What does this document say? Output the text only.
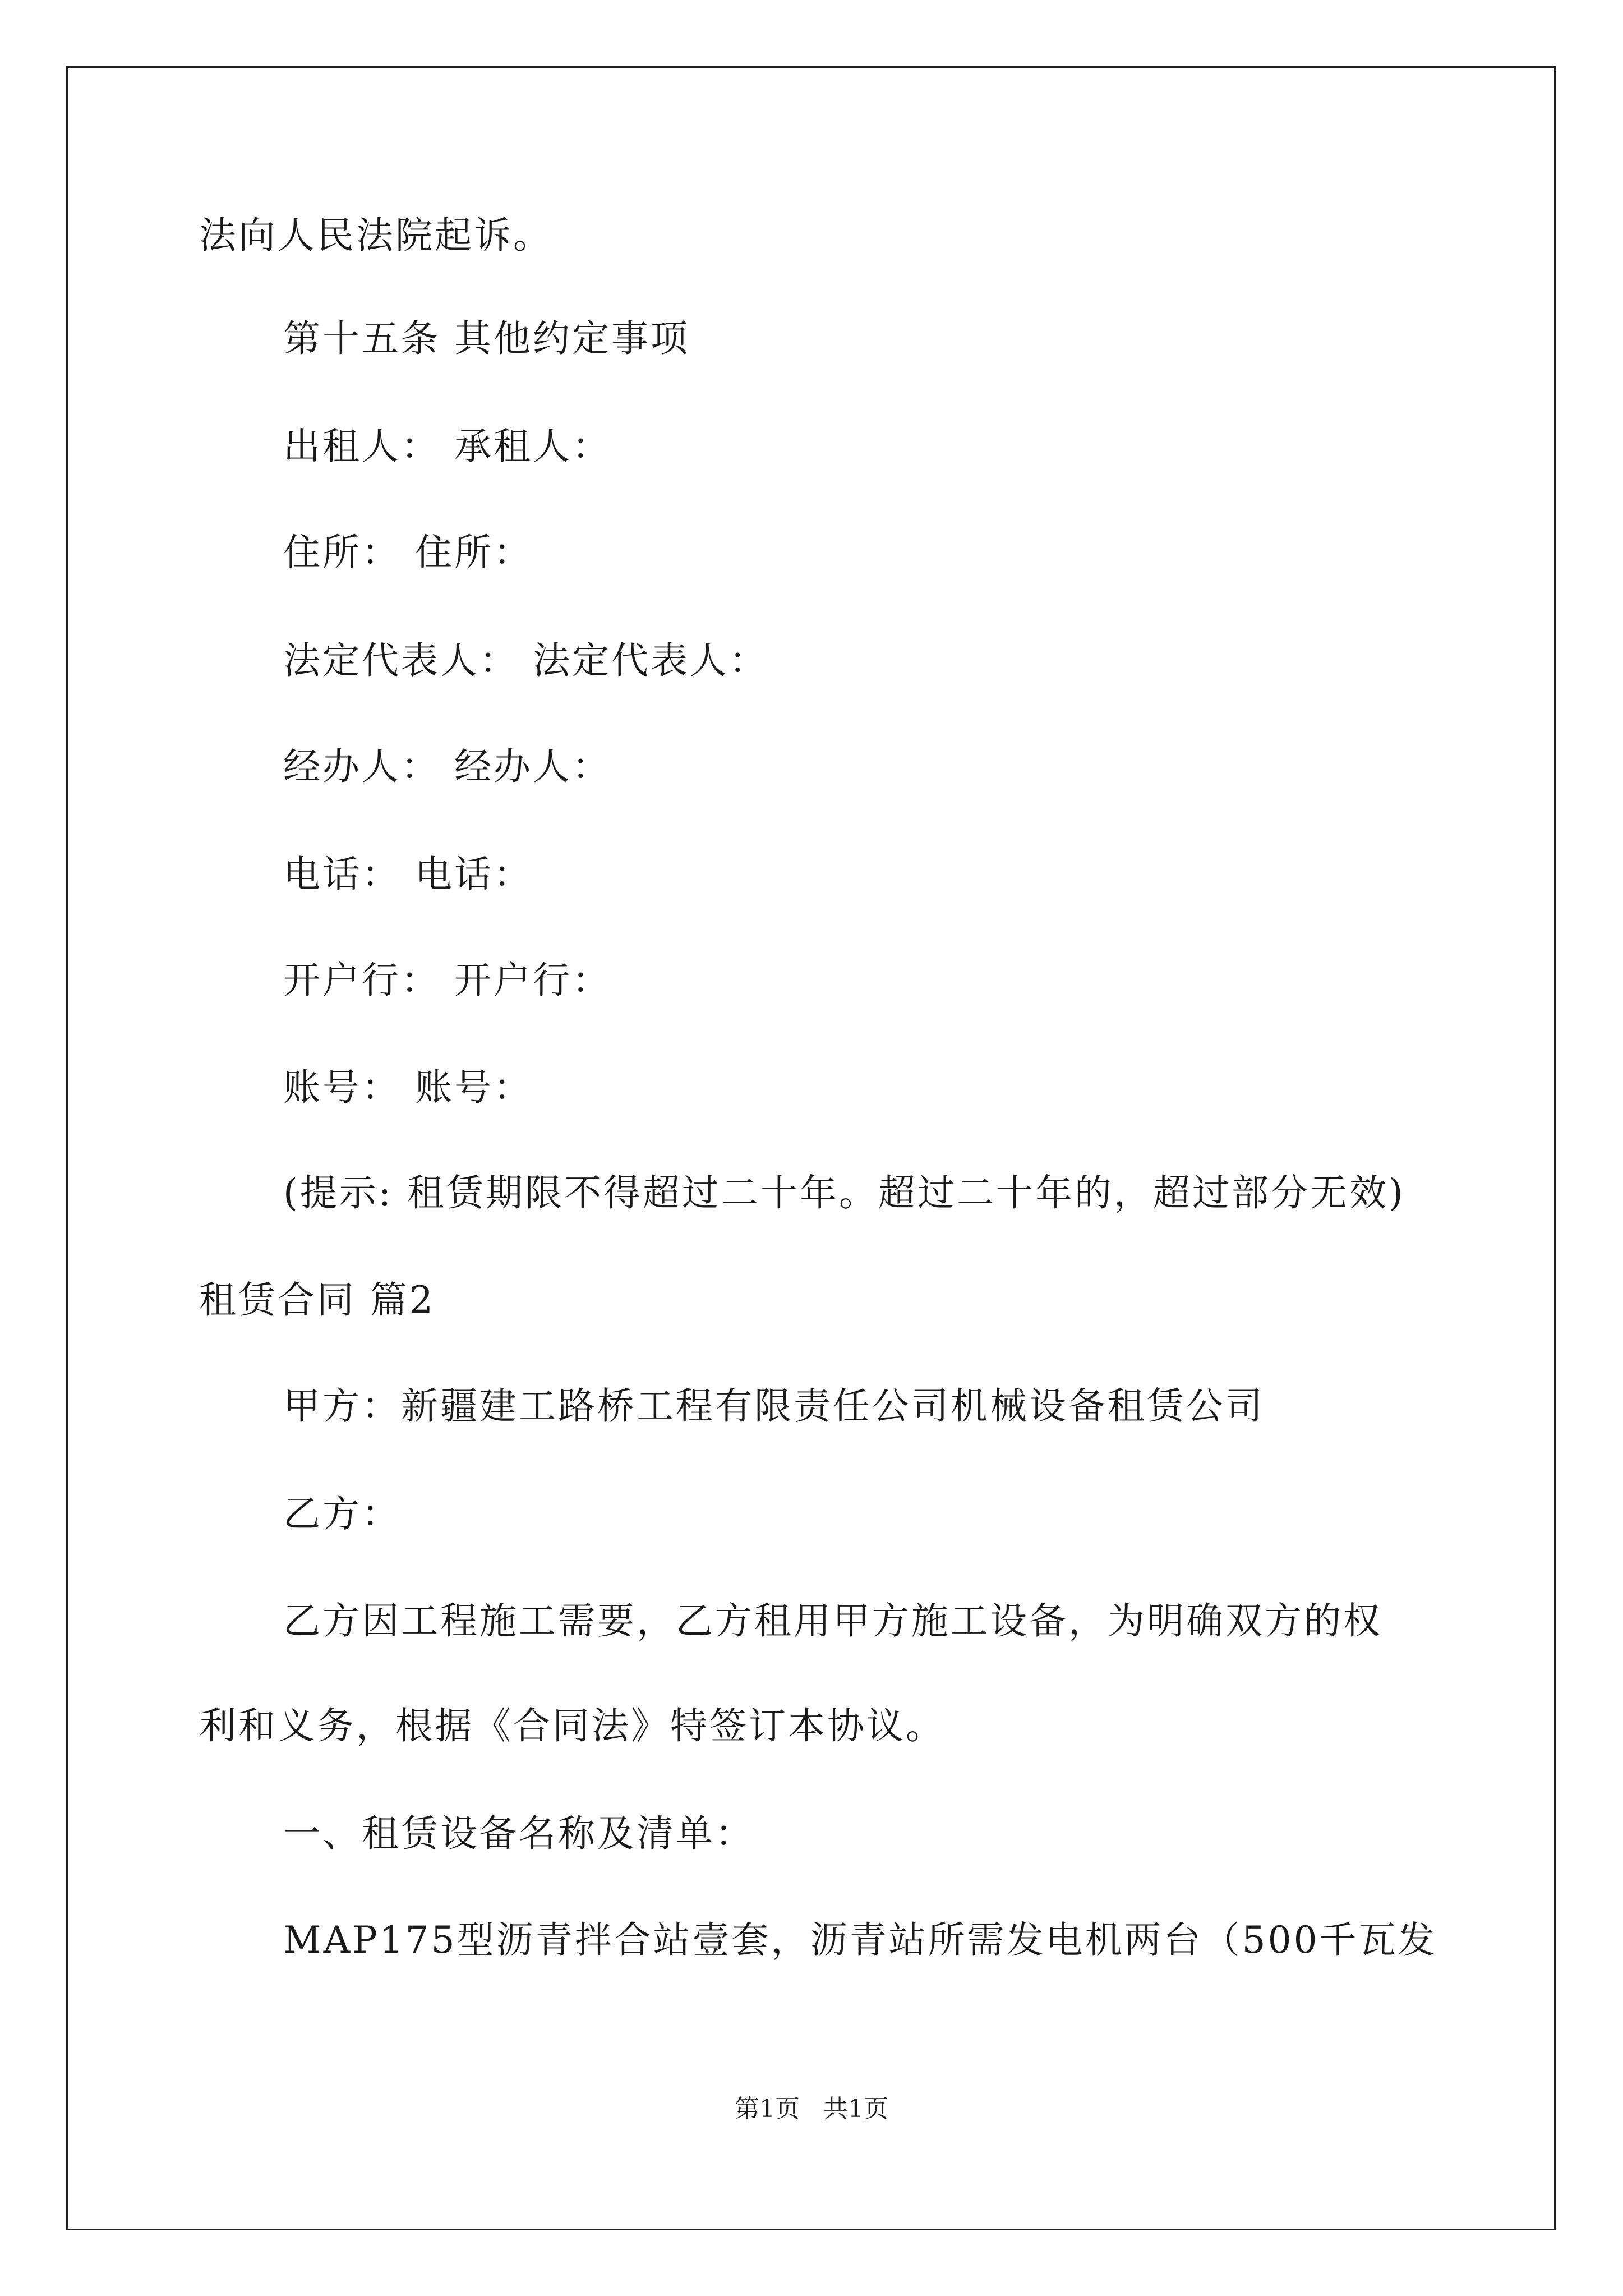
法向人民法院起诉。
第十五条 其他约定事项
出租人： 承租人：
住所： 住所：
法定代表人： 法定代表人：
经办人： 经办人：
电话： 电话：
开户行： 开户行：
账号： 账号：
(提示: 租赁期限不得超过二十年。超过二十年的，超过部分无效)
租赁合同 篇2
甲方：新疆建工路桥工程有限责任公司机械设备租赁公司
乙方：
乙方因工程施工需要，乙方租用甲方施工设备，为明确双方的权
利和义务，根据《合同法》特签订本协议。
一、租赁设备名称及清单：
MAP175型沥青拌合站壹套，沥青站所需发电机两台（500千瓦发
第1页   共1页
